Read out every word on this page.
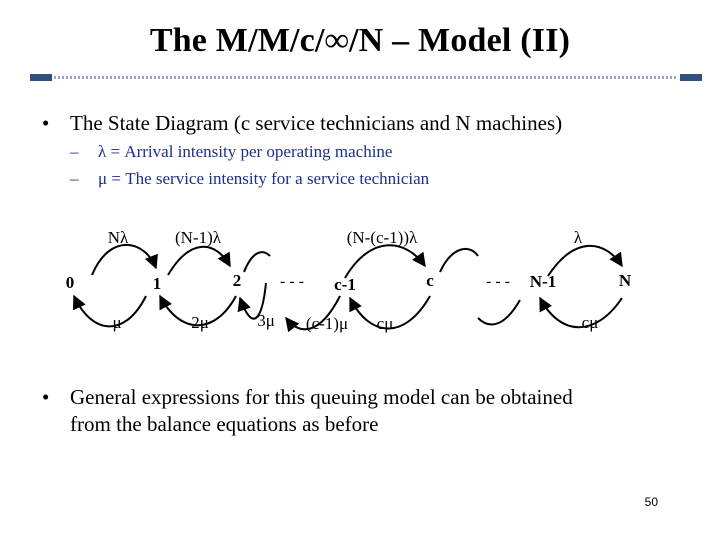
The M/M/c/∞/N – Model (II)
• The State Diagram (c service technicians and N machines)
– λ = Arrival intensity per operating machine
– μ = The service intensity for a service technician
0	1	2	c-1	c	N-1	N
- - -	- - -
Nλ	(N-1)λ	(N-(c-1))λ	λ
μ	2μ	3μ (c-1)μ cμ	cμ
• General expressions for this queuing model can be obtained
from the balance equations as before
50
